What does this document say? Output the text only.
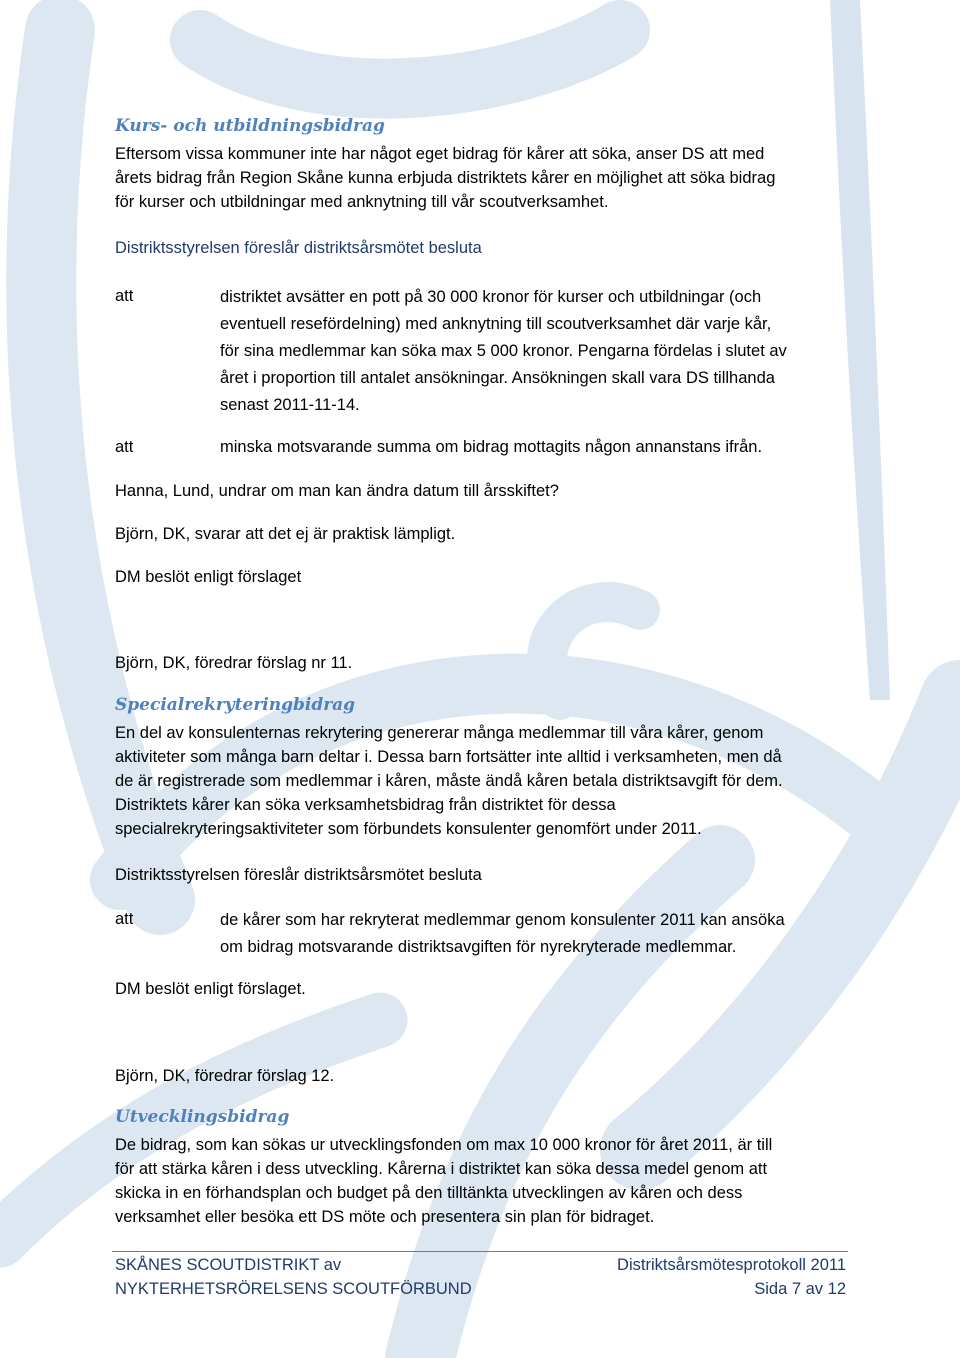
Kurs- och utbildningsbidrag
Eftersom vissa kommuner inte har något eget bidrag för kårer att söka, anser DS att med
årets bidrag från Region Skåne kunna erbjuda distriktets kårer en möjlighet att söka bidrag
för kurser och utbildningar med anknytning till vår scoutverksamhet.
Distriktsstyrelsen föreslår distriktsårsmötet besluta
att	distriktet avsätter en pott på 30 000 kronor för kurser och utbildningar (och
eventuell resefördelning) med anknytning till scoutverksamhet där varje kår,
för sina medlemmar kan söka max 5 000 kronor. Pengarna fördelas i slutet av
året i proportion till antalet ansökningar. Ansökningen skall vara DS tillhanda
senast 2011-11-14.
att	minska motsvarande summa om bidrag mottagits någon annanstans ifrån.
Hanna, Lund, undrar om man kan ändra datum till årsskiftet?
Björn, DK, svarar att det ej är praktisk lämpligt.
DM beslöt enligt förslaget
Björn, DK, föredrar förslag nr 11.
Specialrekryteringbidrag
En del av konsulenternas rekrytering genererar många medlemmar till våra kårer, genom
aktiviteter som många barn deltar i. Dessa barn fortsätter inte alltid i verksamheten, men då
de är registrerade som medlemmar i kåren, måste ändå kåren betala distriktsavgift för dem.
Distriktets kårer kan söka verksamhetsbidrag från distriktet för dessa
specialrekryteringsaktiviteter som förbundets konsulenter genomfört under 2011.
Distriktsstyrelsen föreslår distriktsårsmötet besluta
att	de kårer som har rekryterat medlemmar genom konsulenter 2011 kan ansöka
om bidrag motsvarande distriktsavgiften för nyrekryterade medlemmar.
DM beslöt enligt förslaget.
Björn, DK, föredrar förslag 12.
Utvecklingsbidrag
De bidrag, som kan sökas ur utvecklingsfonden om max 10 000 kronor för året 2011, är till
för att stärka kåren i dess utveckling. Kårerna i distriktet kan söka dessa medel genom att
skicka in en förhandsplan och budget på den tilltänkta utvecklingen av kåren och dess
verksamhet eller besöka ett DS möte och presentera sin plan för bidraget.
SKÅNES SCOUTDISTRIKT av
NYKTERHETSRÖRELSENS SCOUTFÖRBUND
Distriktsårsmötesprotokoll 2011
Sida 7 av 12
